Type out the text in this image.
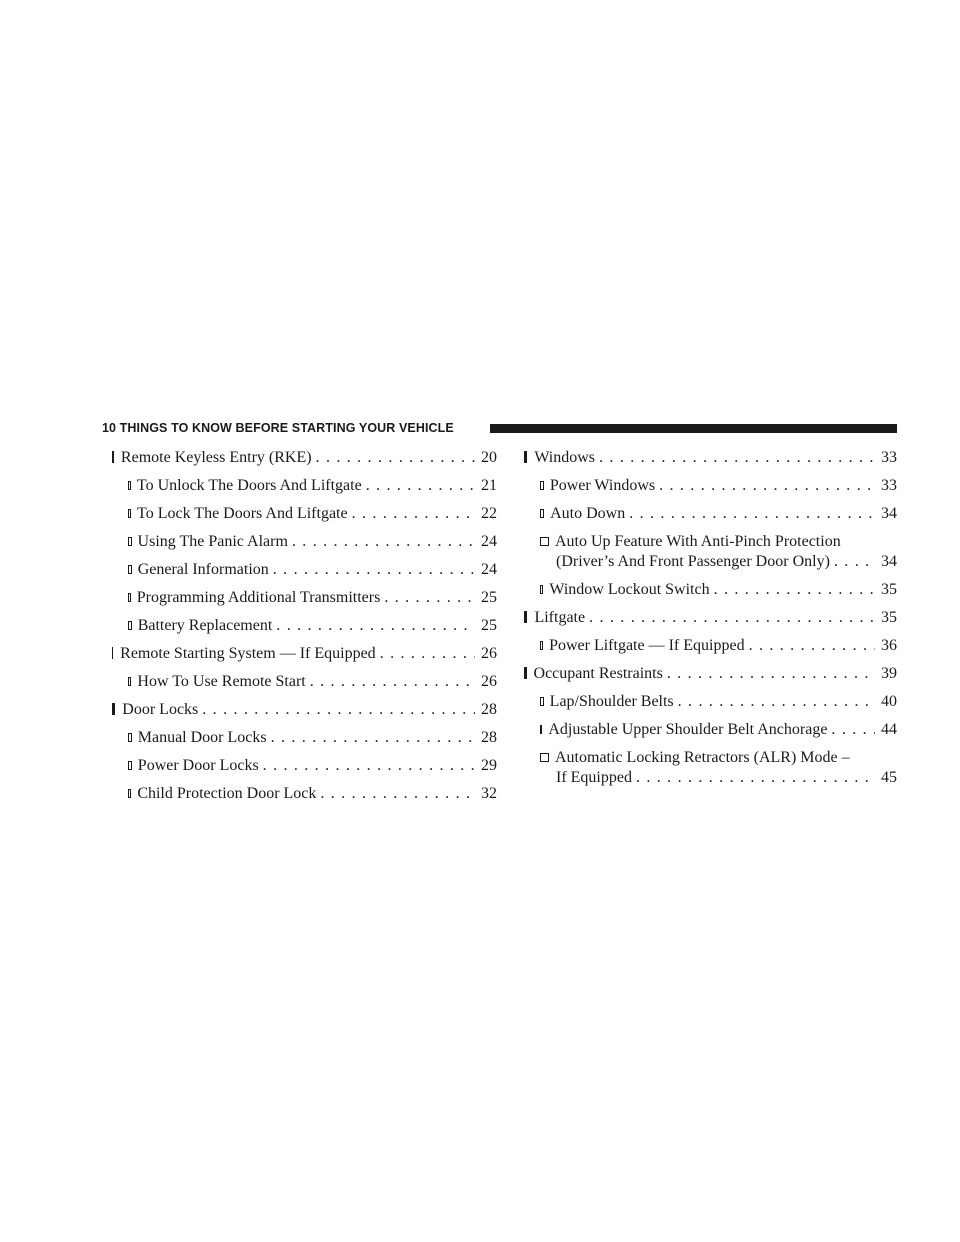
10 THINGS TO KNOW BEFORE STARTING YOUR VEHICLE
Remote Keyless Entry (RKE) . . .	20
To Unlock The Doors And Liftgate . . .	21
To Lock The Doors And Liftgate . . .	22
Using The Panic Alarm . . .	24
General Information . . .	24
Programming Additional Transmitters . . .	25
Battery Replacement . . .	25
Remote Starting System — If Equipped . . .	26
How To Use Remote Start . . .	26
Door Locks . . .	28
Manual Door Locks . . .	28
Power Door Locks . . .	29
Child Protection Door Lock . . .	32
Windows . . .	33
Power Windows . . .	33
Auto Down . . .	34
Auto Up Feature With Anti-Pinch Protection
(Driver’s And Front Passenger Door Only) . . .	34
Window Lockout Switch . . .	35
Liftgate . . .	35
Power Liftgate — If Equipped . . .	36
Occupant Restraints . . .	39
Lap/Shoulder Belts . . .	40
Adjustable Upper Shoulder Belt Anchorage . . .	44
Automatic Locking Retractors (ALR) Mode –
If Equipped . . .	45
